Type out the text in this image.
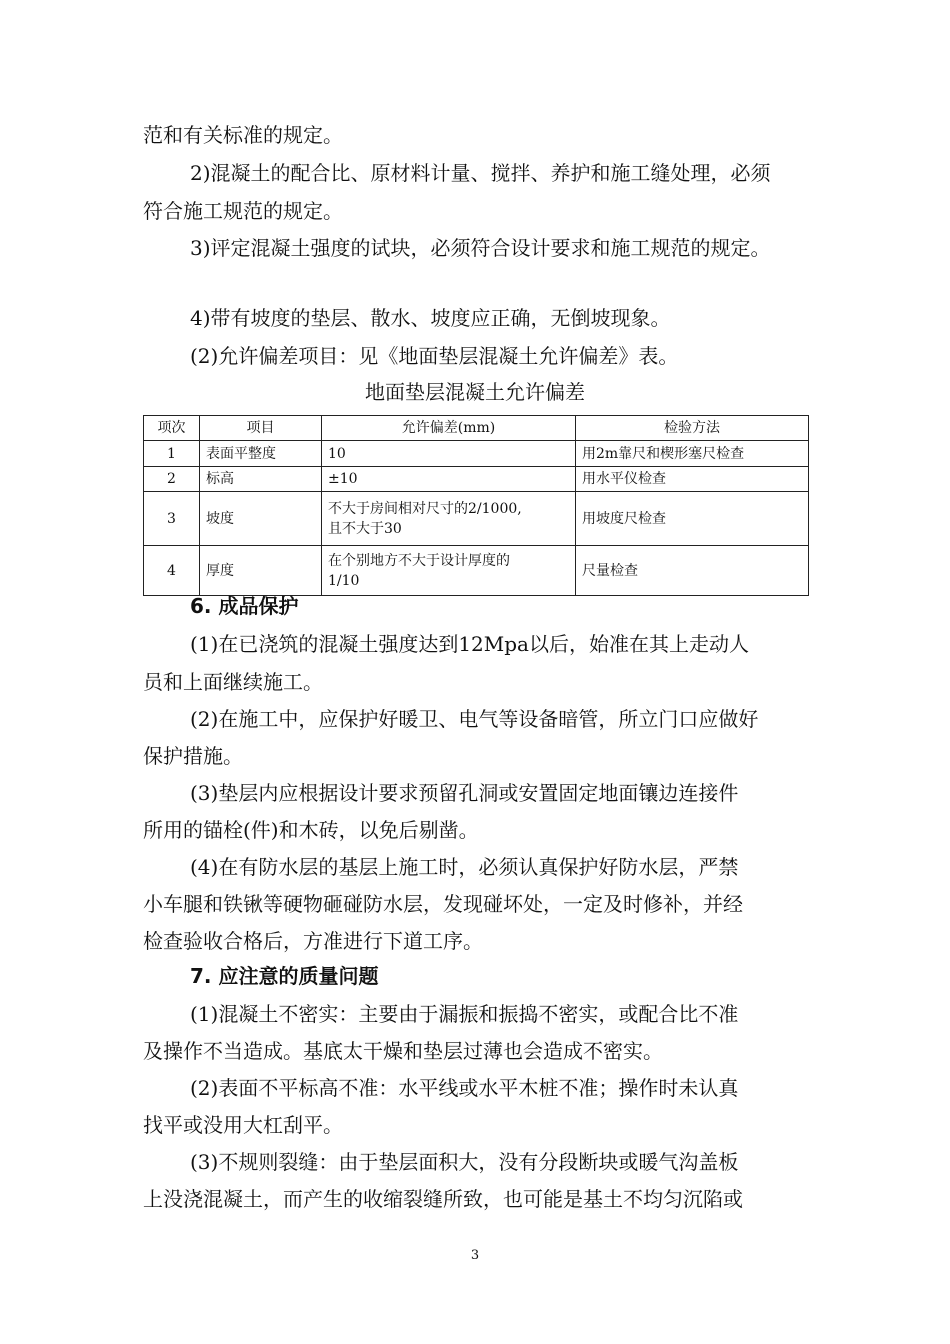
范和有关标准的规定。
2)混凝土的配合比、原材料计量、搅拌、养护和施工缝处理，必须
符合施工规范的规定。
3)评定混凝土强度的试块，必须符合设计要求和施工规范的规定。
4)带有坡度的垫层、散水、坡度应正确，无倒坡现象。
(2)允许偏差项目：见《地面垫层混凝土允许偏差》表。
地面垫层混凝土允许偏差
项次	项目	允许偏差(mm)	检验方法
1	表面平整度	10	用2m靠尺和楔形塞尺检查
2	标高	±10	用水平仪检查
3	坡度	不大于房间相对尺寸的2/1000,
且不大于30	用坡度尺检查
4	厚度	在个别地方不大于设计厚度的
1/10	尺量检查
6. 成品保护
(1)在已浇筑的混凝土强度达到12Mpa以后，始准在其上走动人
员和上面继续施工。
(2)在施工中，应保护好暖卫、电气等设备暗管，所立门口应做好
保护措施。
(3)垫层内应根据设计要求预留孔洞或安置固定地面镶边连接件
所用的锚栓(件)和木砖，以免后剔凿。
(4)在有防水层的基层上施工时，必须认真保护好防水层，严禁
小车腿和铁锹等硬物砸碰防水层，发现碰坏处，一定及时修补，并经
检查验收合格后，方准进行下道工序。
7. 应注意的质量问题
(1)混凝土不密实：主要由于漏振和振捣不密实，或配合比不准
及操作不当造成。基底太干燥和垫层过薄也会造成不密实。
(2)表面不平标高不准：水平线或水平木桩不准；操作时未认真
找平或没用大杠刮平。
(3)不规则裂缝：由于垫层面积大，没有分段断块或暖气沟盖板
上没浇混凝土，而产生的收缩裂缝所致，也可能是基土不均匀沉陷或
3
